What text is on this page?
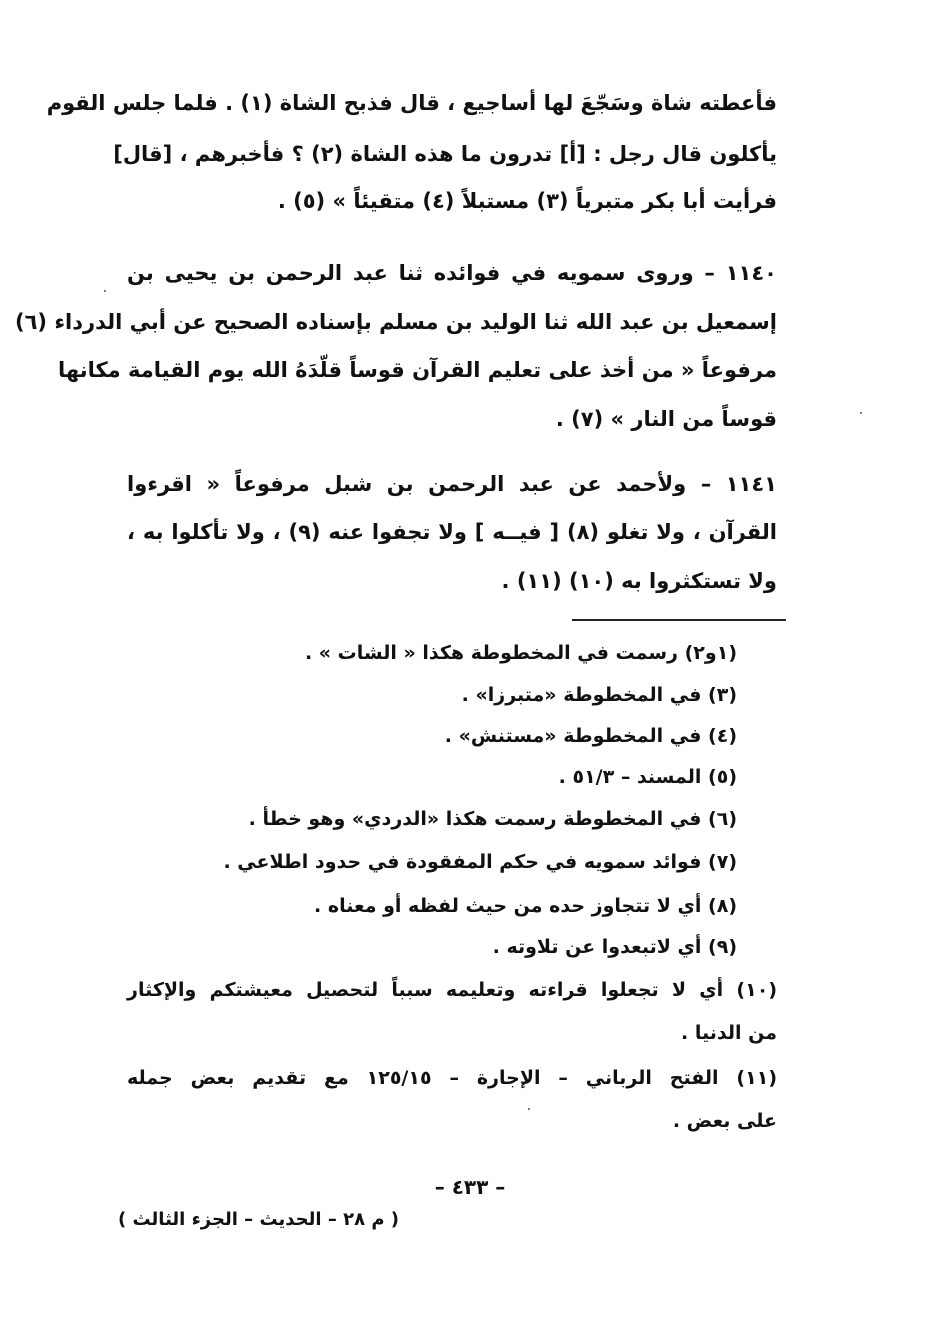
فأعطته شاة وسَجّعَ لها أساجيع ، قال فذبح الشاة (١) . فلما جلس القوم
يأكلون قال رجل : [أ] تدرون ما هذه الشاة (٢) ؟ فأخبرهم ، [قال]
فرأيت أبا بكر متبرياً (٣) مستبلاً (٤) متقيئاً » (٥) .
١١٤٠ – وروى سمويه في فوائده ثنا عبد الرحمن بن يحيى بن
إسمعيل بن عبد الله ثنا الوليد بن مسلم بإسناده الصحيح عن أبي الدرداء (٦)
مرفوعاً « من أخذ على تعليم القرآن قوساً قلّدَهُ الله يوم القيامة مكانها
قوساً من النار » (٧) .
١١٤١ – ولأحمد عن عبد الرحمن بن شبل مرفوعاً « اقرءوا
القرآن ، ولا تغلو (٨) [ فيــه ] ولا تجفوا عنه (٩) ، ولا تأكلوا به ،
ولا تستكثروا به (١٠) (١١) .
(١و٢) رسمت في المخطوطة هكذا « الشات » .
(٣) في المخطوطة «متبرزا» .
(٤) في المخطوطة «مستنش» .
(٥) المسند – ٥١/٣ .
(٦) في المخطوطة رسمت هكذا «الدردي» وهو خطأ .
(٧) فوائد سمويه في حكم المفقودة في حدود اطلاعي .
(٨) أي لا تتجاوز حده من حيث لفظه أو معناه .
(٩) أي لاتبعدوا عن تلاوته .
(١٠) أي لا تجعلوا قراءته وتعليمه سبباً لتحصيل معيشتكم والإكثار
من الدنيا .
(١١) الفتح الرباني – الإجارة – ١٢٥/١٥ مع تقديم بعض جمله
على بعض .
– ٤٣٣ –
( م ٢٨ – الحديث – الجزء الثالث )
